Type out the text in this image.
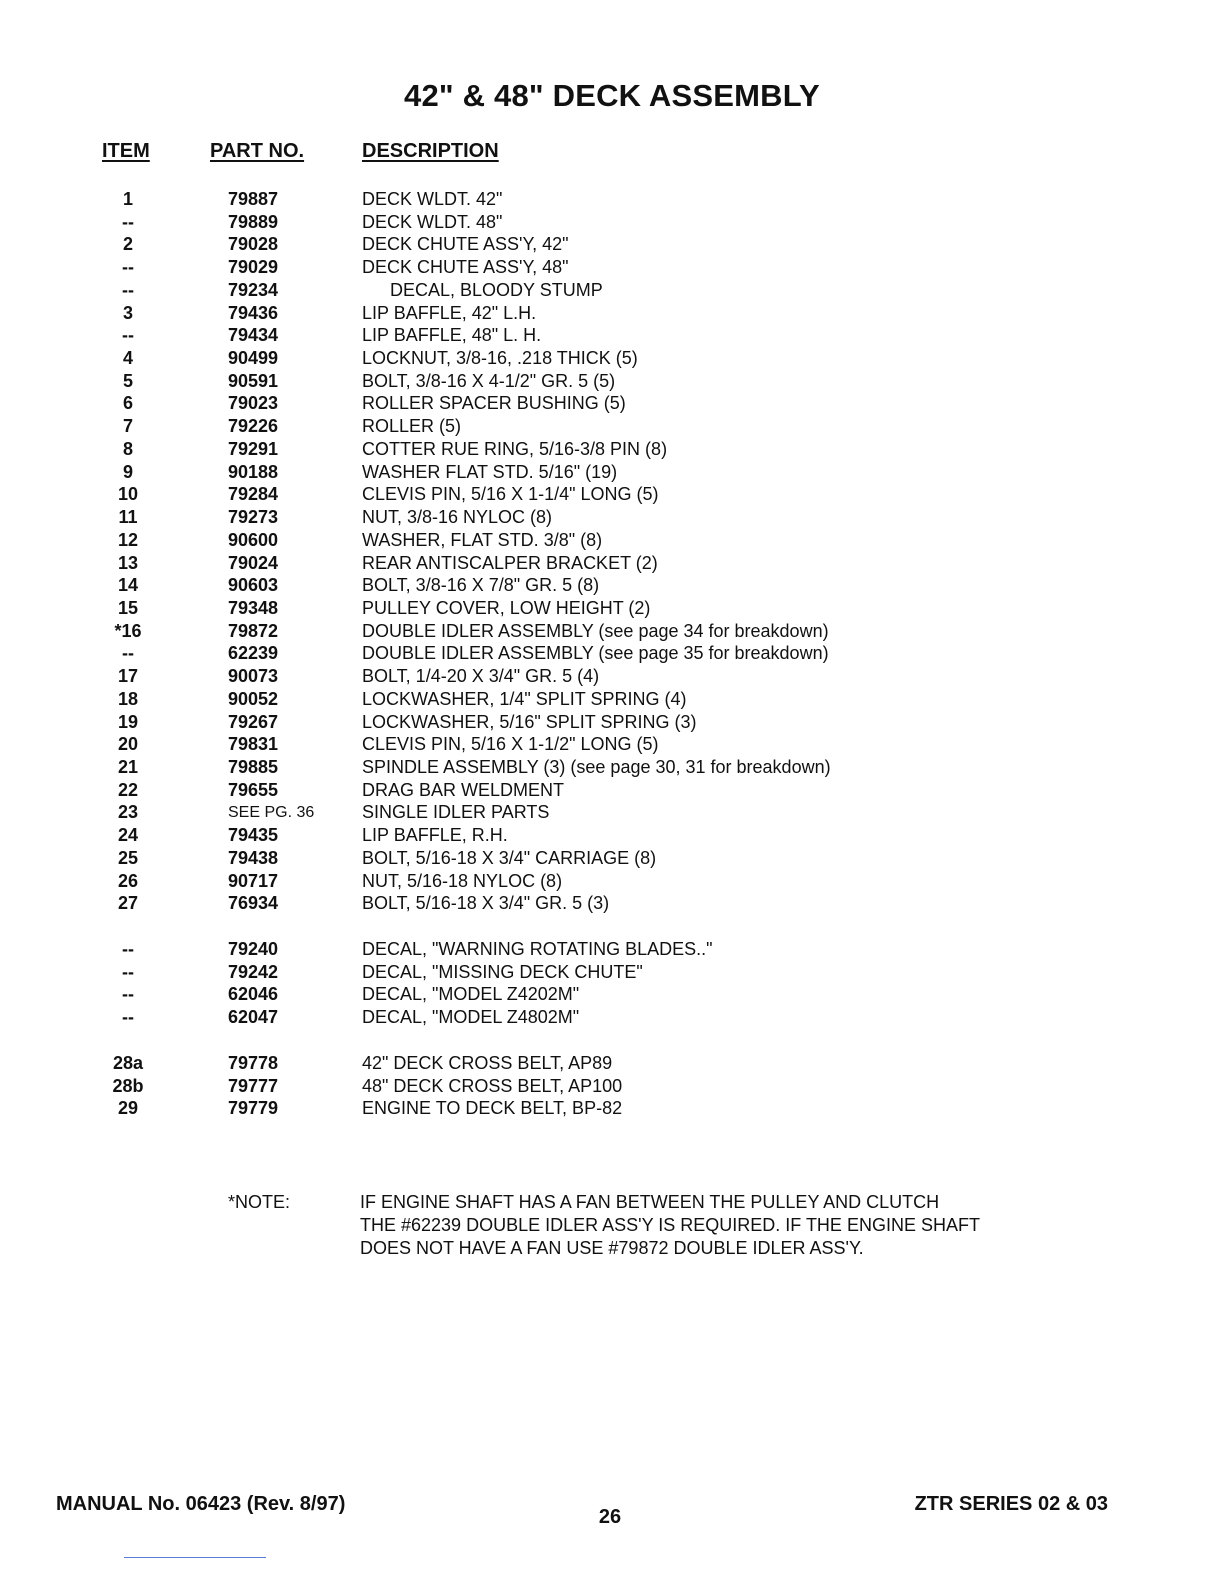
42" & 48" DECK ASSEMBLY
ITEM	PART NO.	DESCRIPTION
1	79887	DECK WLDT. 42"
--	79889	DECK WLDT. 48"
2	79028	DECK CHUTE ASS'Y, 42"
--	79029	DECK CHUTE ASS'Y, 48"
--	79234	DECAL, BLOODY STUMP
3	79436	LIP BAFFLE, 42" L.H.
--	79434	LIP BAFFLE, 48" L. H.
4	90499	LOCKNUT, 3/8-16, .218 THICK (5)
5	90591	BOLT, 3/8-16 X 4-1/2" GR. 5 (5)
6	79023	ROLLER SPACER BUSHING (5)
7	79226	ROLLER (5)
8	79291	COTTER RUE RING, 5/16-3/8 PIN (8)
9	90188	WASHER FLAT STD. 5/16" (19)
10	79284	CLEVIS PIN, 5/16 X 1-1/4" LONG (5)
11	79273	NUT, 3/8-16 NYLOC (8)
12	90600	WASHER, FLAT STD. 3/8" (8)
13	79024	REAR ANTISCALPER BRACKET (2)
14	90603	BOLT, 3/8-16 X 7/8" GR. 5 (8)
15	79348	PULLEY COVER, LOW HEIGHT (2)
*16	79872	DOUBLE IDLER ASSEMBLY (see page 34 for breakdown)
--	62239	DOUBLE IDLER ASSEMBLY (see page 35 for breakdown)
17	90073	BOLT, 1/4-20 X 3/4" GR. 5 (4)
18	90052	LOCKWASHER, 1/4" SPLIT SPRING (4)
19	79267	LOCKWASHER, 5/16" SPLIT SPRING (3)
20	79831	CLEVIS PIN, 5/16 X 1-1/2" LONG (5)
21	79885	SPINDLE ASSEMBLY (3) (see page 30, 31 for breakdown)
22	79655	DRAG BAR WELDMENT
23	SEE PG. 36	SINGLE IDLER PARTS
24	79435	LIP BAFFLE, R.H.
25	79438	BOLT, 5/16-18 X 3/4" CARRIAGE (8)
26	90717	NUT, 5/16-18 NYLOC (8)
27	76934	BOLT, 5/16-18 X 3/4" GR. 5 (3)
--	79240	DECAL, "WARNING ROTATING BLADES.."
--	79242	DECAL, "MISSING DECK CHUTE"
--	62046	DECAL, "MODEL Z4202M"
--	62047	DECAL, "MODEL Z4802M"
28a	79778	42" DECK CROSS BELT, AP89
28b	79777	48" DECK CROSS BELT, AP100
29	79779	ENGINE TO DECK BELT, BP-82
*NOTE:	IF ENGINE SHAFT HAS A FAN BETWEEN THE PULLEY AND CLUTCH
THE #62239 DOUBLE IDLER ASS'Y IS REQUIRED. IF THE ENGINE SHAFT
DOES NOT HAVE A FAN USE #79872 DOUBLE IDLER ASS'Y.
MANUAL No. 06423 (Rev. 8/97)
26
ZTR SERIES 02 & 03
